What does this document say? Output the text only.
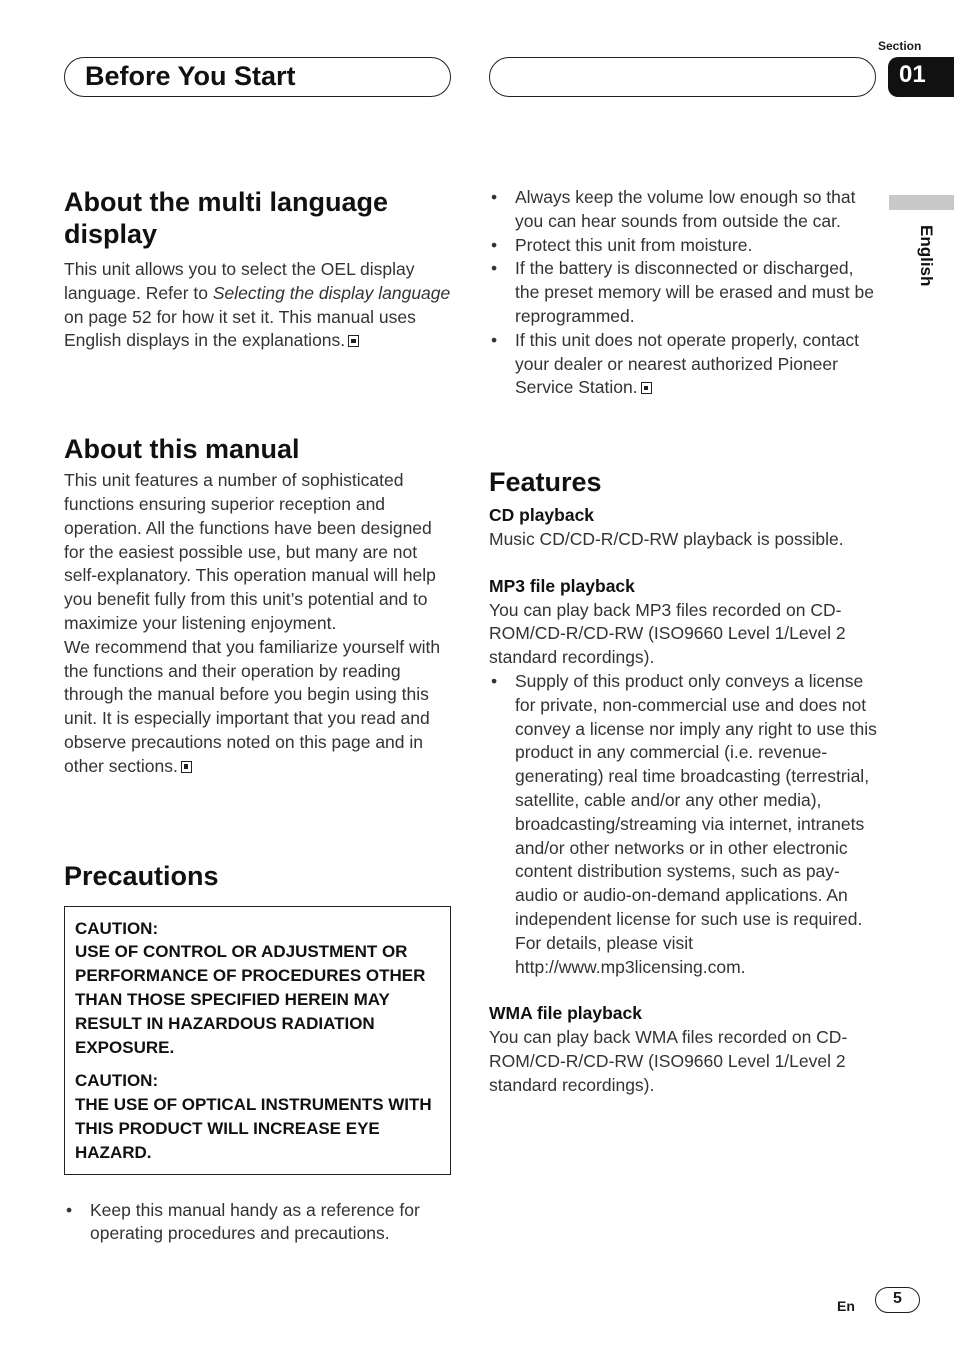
Before You Start
Section
01
English
About the multi language display

This unit allows you to select the OEL display language. Refer to Selecting the display language on page 52 for how it set it. This manual uses English displays in the explanations.

About this manual

This unit features a number of sophisticated functions ensuring superior reception and operation. All the functions have been designed for the easiest possible use, but many are not self-explanatory. This operation manual will help you benefit fully from this unit’s potential and to maximize your listening enjoyment.

We recommend that you familiarize yourself with the functions and their operation by reading through the manual before you begin using this unit. It is especially important that you read and observe precautions noted on this page and in other sections.

Precautions
CAUTION:
USE OF CONTROL OR ADJUSTMENT OR PERFORMANCE OF PROCEDURES OTHER THAN THOSE SPECIFIED HEREIN MAY RESULT IN HAZARDOUS RADIATION EXPOSURE.
CAUTION:
THE USE OF OPTICAL INSTRUMENTS WITH THIS PRODUCT WILL INCREASE EYE HAZARD.
• Keep this manual handy as a reference for operating procedures and precautions.
• Always keep the volume low enough so that you can hear sounds from outside the car.
• Protect this unit from moisture.
• If the battery is disconnected or discharged, the preset memory will be erased and must be reprogrammed.
• If this unit does not operate properly, contact your dealer or nearest authorized Pioneer Service Station.
Features
CD playback

Music CD/CD-R/CD-RW playback is possible.

MP3 file playback

You can play back MP3 files recorded on CD-ROM/CD-R/CD-RW (ISO9660 Level 1/Level 2 standard recordings).

• Supply of this product only conveys a license for private, non-commercial use and does not convey a license nor imply any right to use this product in any commercial (i.e. revenue-generating) real time broadcasting (terrestrial, satellite, cable and/or any other media), broadcasting/streaming via internet, intranets and/or other networks or in other electronic content distribution systems, such as pay-audio or audio-on-demand applications. An independent license for such use is required. For details, please visit http://www.mp3licensing.com.
WMA file playback

You can play back WMA files recorded on CD-ROM/CD-R/CD-RW (ISO9660 Level 1/Level 2 standard recordings).

En	5
